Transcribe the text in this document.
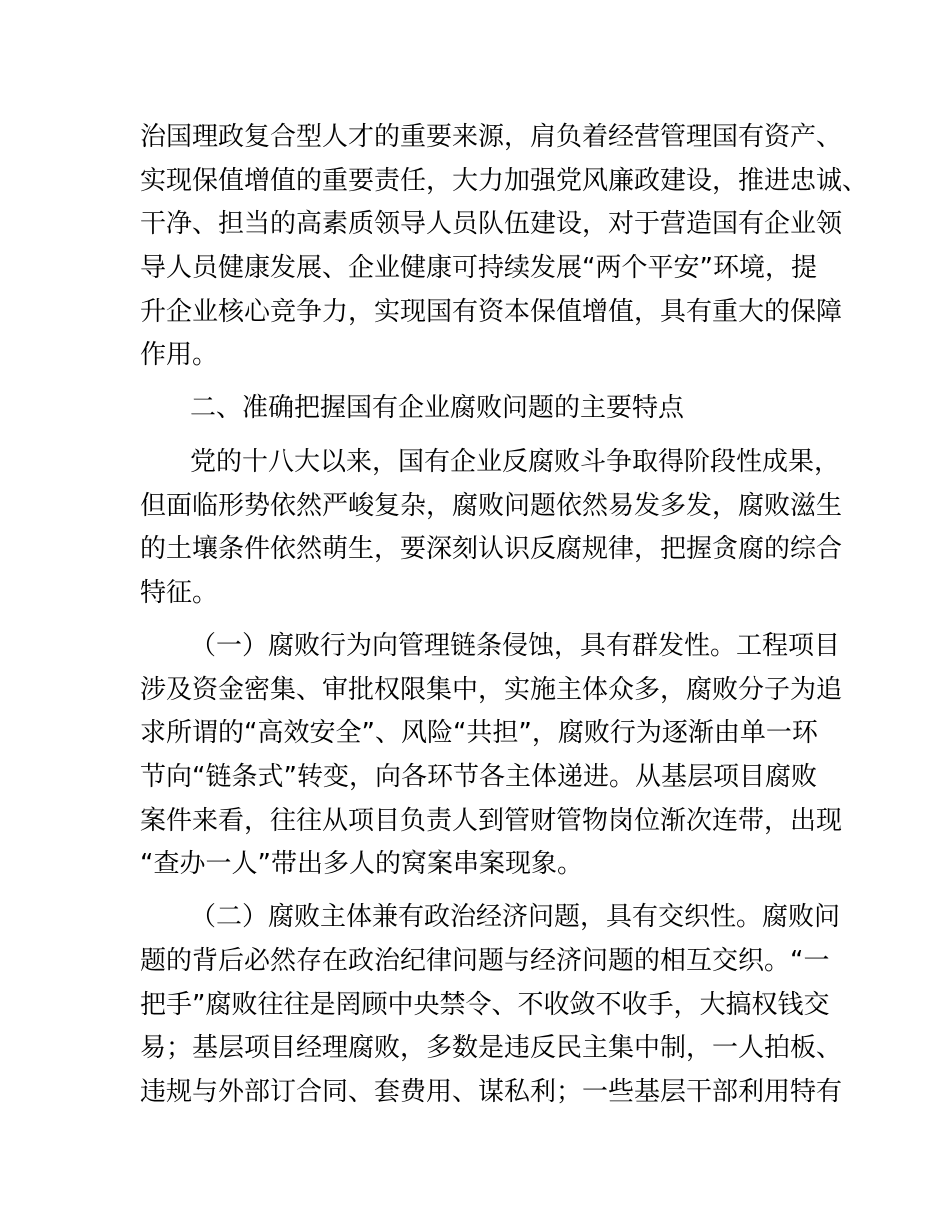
治国理政复合型人才的重要来源，肩负着经营管理国有资产、

实现保值增值的重要责任，大力加强党风廉政建设，推进忠诚、

干净、担当的高素质领导人员队伍建设，对于营造国有企业领

导人员健康发展、企业健康可持续发展“两个平安”环境，提

升企业核心竞争力，实现国有资本保值增值，具有重大的保障

作用。

二、准确把握国有企业腐败问题的主要特点

党的十八大以来，国有企业反腐败斗争取得阶段性成果，

但面临形势依然严峻复杂，腐败问题依然易发多发，腐败滋生

的土壤条件依然萌生，要深刻认识反腐规律，把握贪腐的综合

特征。

（一）腐败行为向管理链条侵蚀，具有群发性。工程项目

涉及资金密集、审批权限集中，实施主体众多，腐败分子为追

求所谓的“高效安全”、风险“共担”，腐败行为逐渐由单一环

节向“链条式”转变，向各环节各主体递进。从基层项目腐败

案件来看，往往从项目负责人到管财管物岗位渐次连带，出现

“查办一人”带出多人的窝案串案现象。

（二）腐败主体兼有政治经济问题，具有交织性。腐败问

题的背后必然存在政治纪律问题与经济问题的相互交织。“一

把手”腐败往往是罔顾中央禁令、不收敛不收手，大搞权钱交

易；基层项目经理腐败，多数是违反民主集中制，一人拍板、

违规与外部订合同、套费用、谋私利；一些基层干部利用特有
